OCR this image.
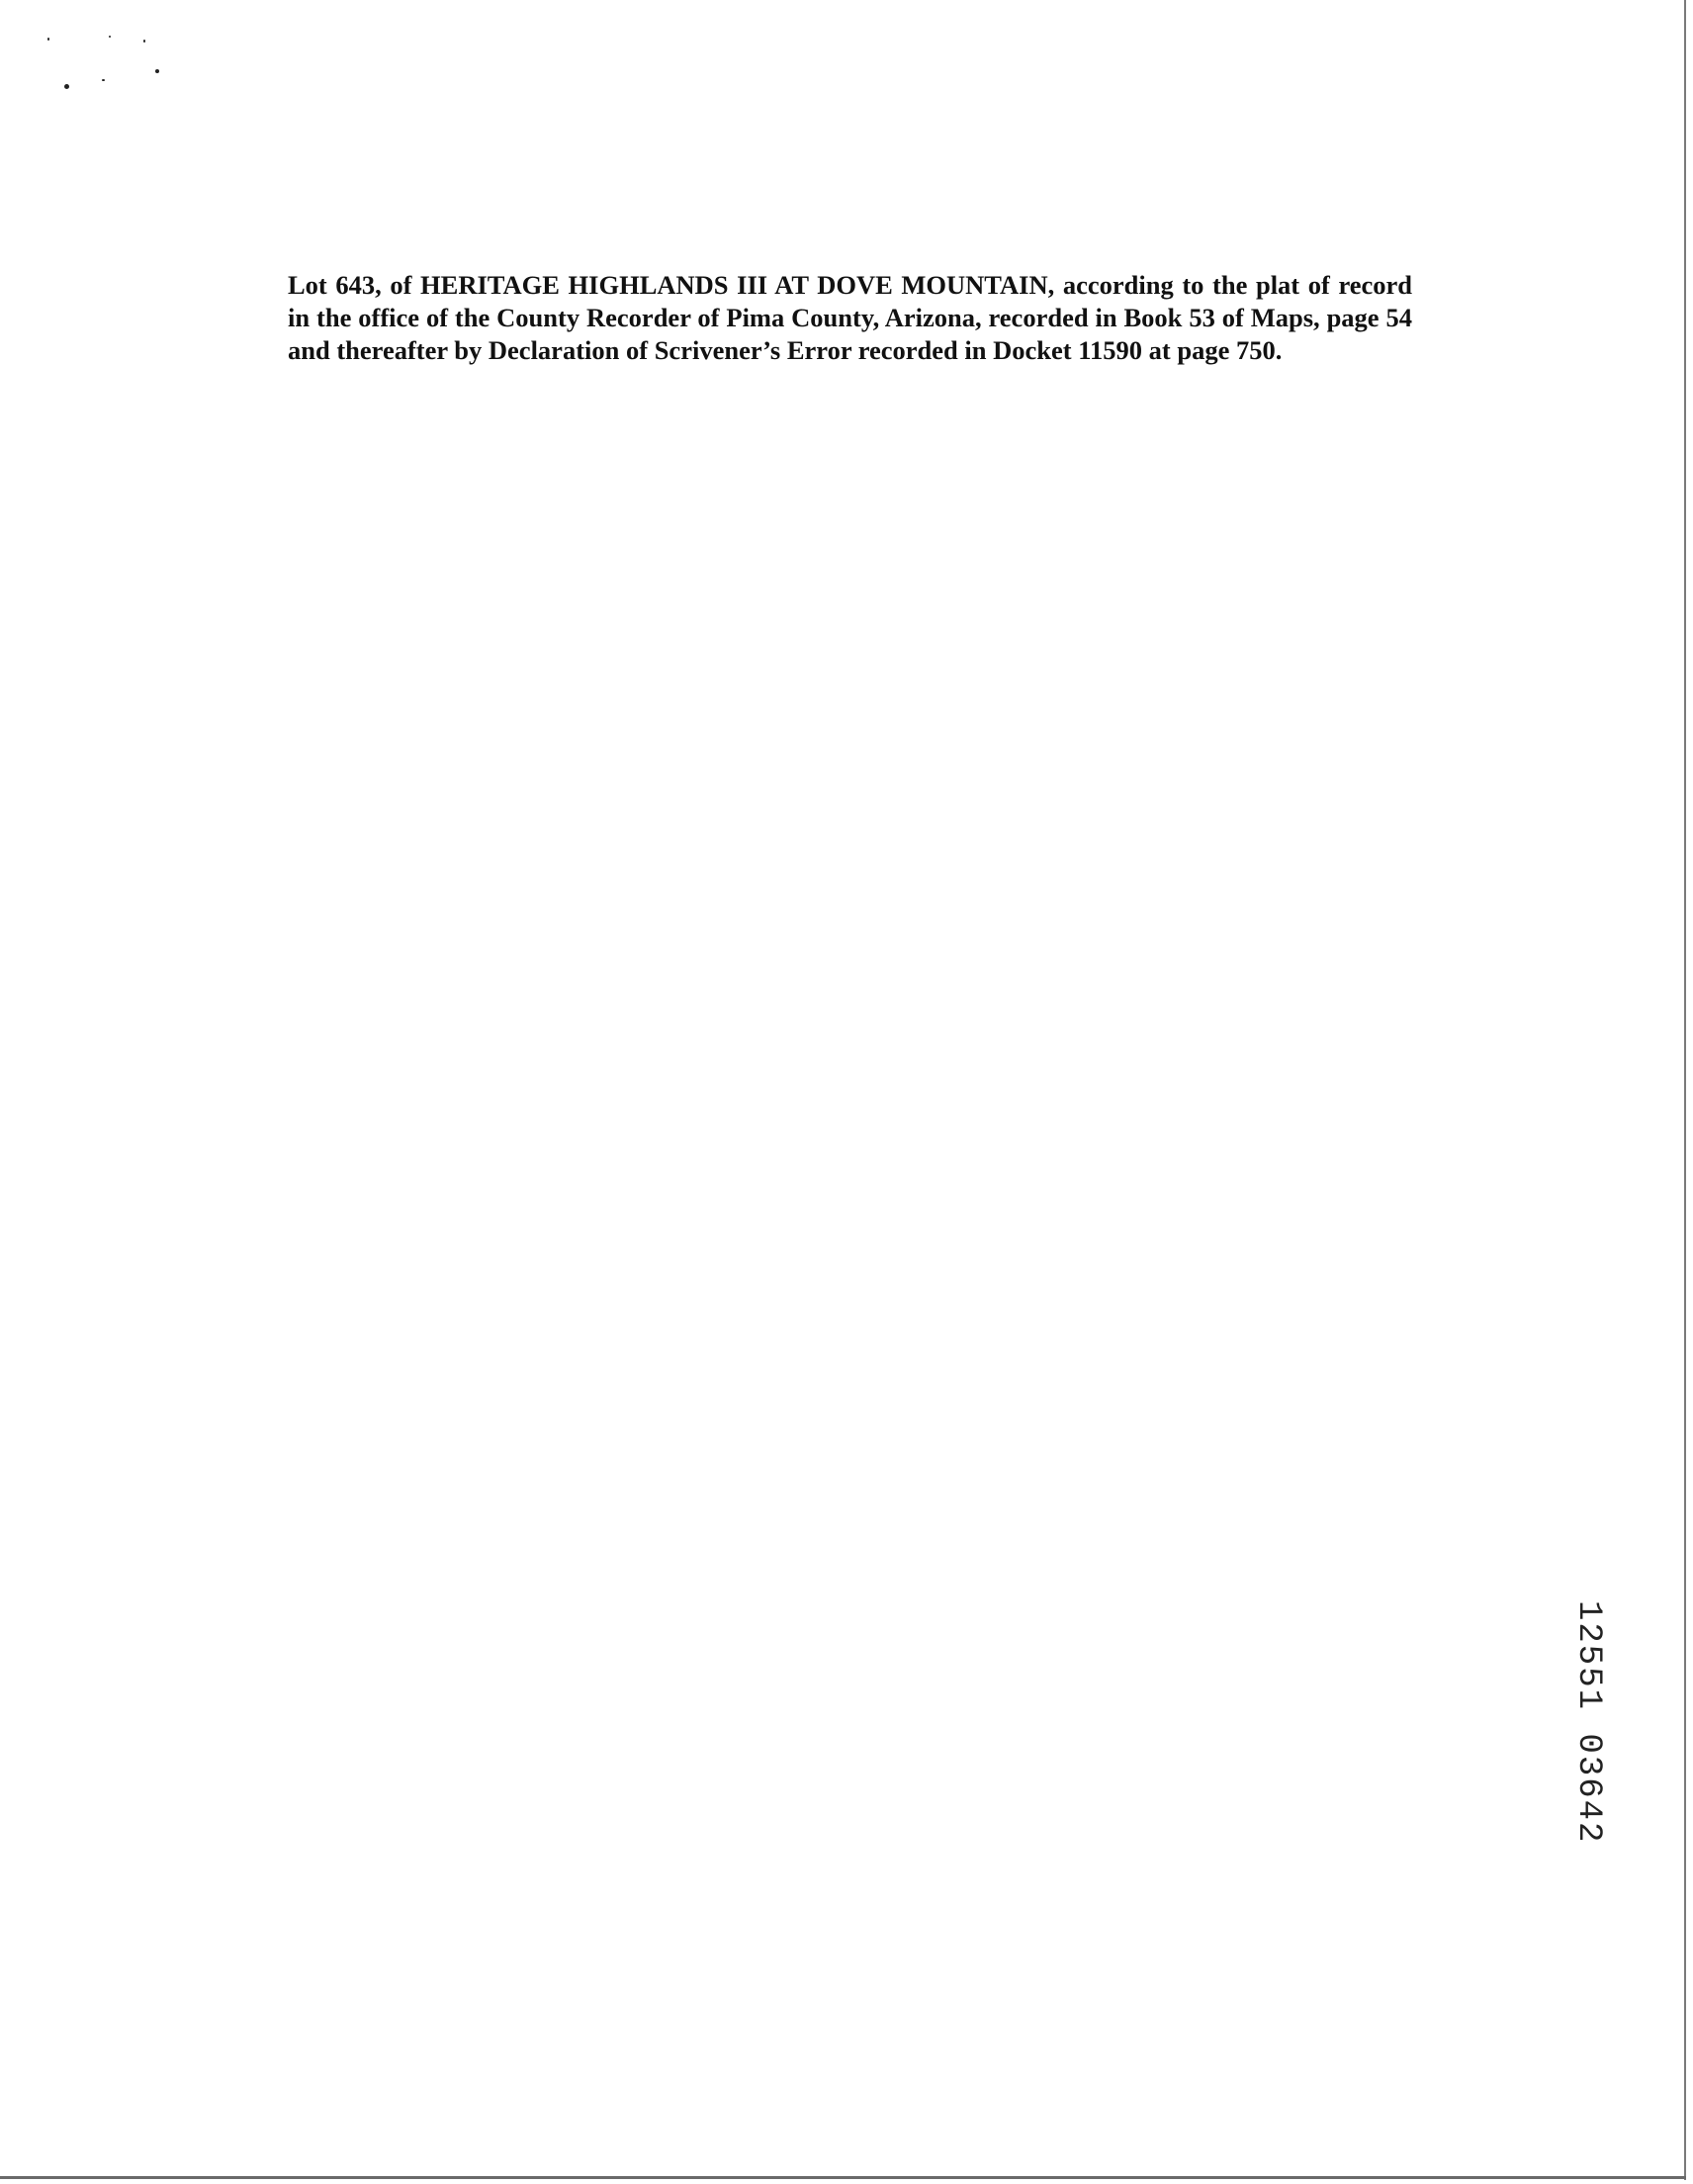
Lot 643, of HERITAGE HIGHLANDS III AT DOVE MOUNTAIN, according to the plat of record in the office of the County Recorder of Pima County, Arizona, recorded in Book 53 of Maps, page 54 and thereafter by Declaration of Scrivener’s Error recorded in Docket 11590 at page 750.

12551 03642
